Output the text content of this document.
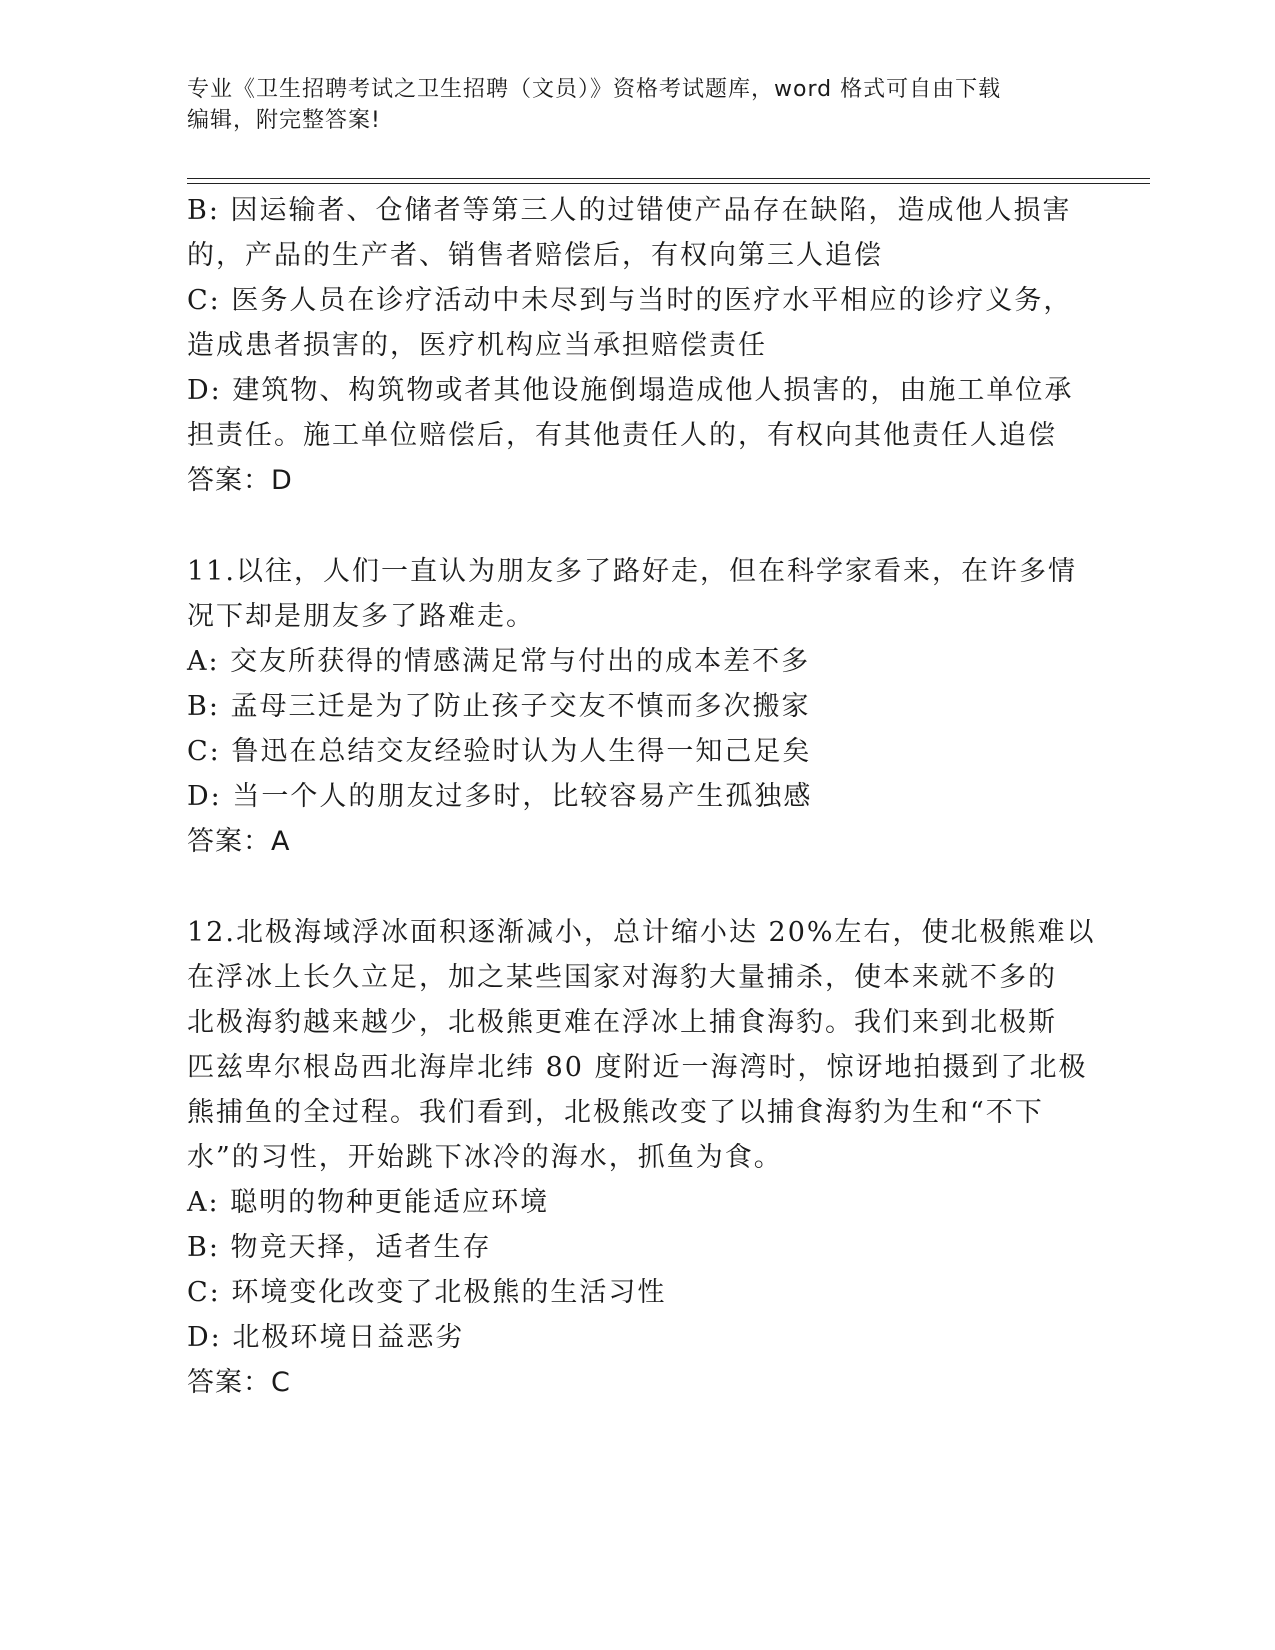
专业《卫生招聘考试之卫生招聘（文员）》资格考试题库，word 格式可自由下载
编辑，附完整答案!
B: 因运输者、仓储者等第三人的过错使产品存在缺陷，造成他人损害
的，产品的生产者、销售者赔偿后，有权向第三人追偿
C: 医务人员在诊疗活动中未尽到与当时的医疗水平相应的诊疗义务，
造成患者损害的，医疗机构应当承担赔偿责任
D: 建筑物、构筑物或者其他设施倒塌造成他人损害的，由施工单位承
担责任。施工单位赔偿后，有其他责任人的，有权向其他责任人追偿
答案：D
11.以往，人们一直认为朋友多了路好走，但在科学家看来，在许多情
况下却是朋友多了路难走。
A: 交友所获得的情感满足常与付出的成本差不多
B: 孟母三迁是为了防止孩子交友不慎而多次搬家
C: 鲁迅在总结交友经验时认为人生得一知己足矣
D: 当一个人的朋友过多时，比较容易产生孤独感
答案：A
12.北极海域浮冰面积逐渐减小，总计缩小达 20%左右，使北极熊难以
在浮冰上长久立足，加之某些国家对海豹大量捕杀，使本来就不多的
北极海豹越来越少，北极熊更难在浮冰上捕食海豹。我们来到北极斯
匹兹卑尔根岛西北海岸北纬 80 度附近一海湾时，惊讶地拍摄到了北极
熊捕鱼的全过程。我们看到，北极熊改变了以捕食海豹为生和“不下
水”的习性，开始跳下冰冷的海水，抓鱼为食。
A: 聪明的物种更能适应环境
B: 物竞天择，适者生存
C: 环境变化改变了北极熊的生活习性
D: 北极环境日益恶劣
答案：C
